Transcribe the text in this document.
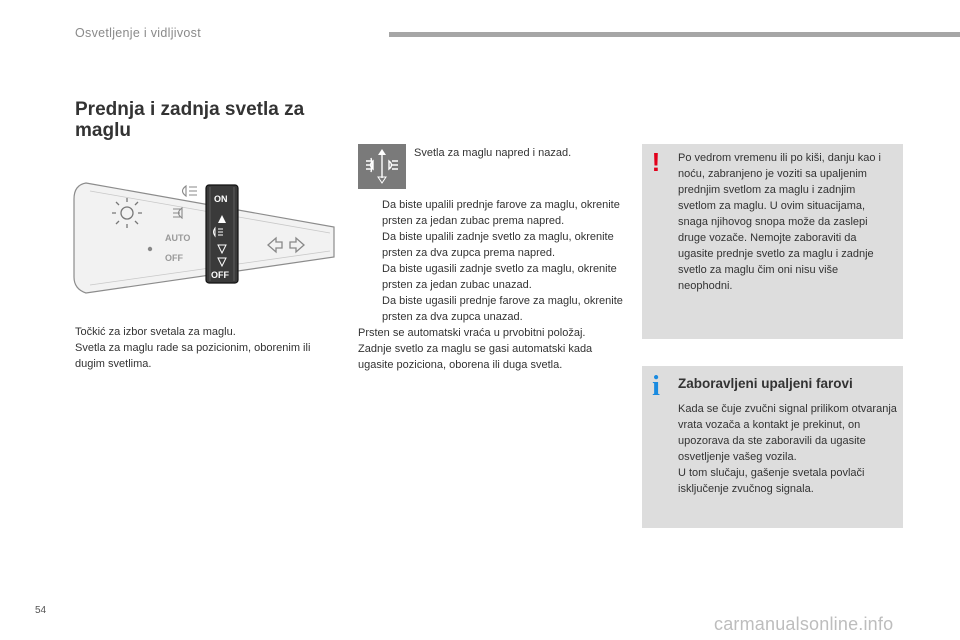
Osvetljenje i vidljivost
Prednja i zadnja svetla za
maglu
AUTO
OFF
ON
OFF
Točkić za izbor svetala za maglu.
Svetla za maglu rade sa pozicionim, oborenim ili dugim svetlima.
Svetla za maglu napred i nazad.
Da biste upalili prednje farove za maglu, okrenite prsten za jedan zubac prema napred.
Da biste upalili zadnje svetlo za maglu, okrenite prsten za dva zupca prema napred.
Da biste ugasili zadnje svetlo za maglu, okrenite prsten za jedan zubac unazad.
Da biste ugasili prednje farove za maglu, okrenite prsten za dva zupca unazad.
Prsten se automatski vraća u prvobitni položaj.
Zadnje svetlo za maglu se gasi automatski kada ugasite poziciona, oborena ili duga svetla.
! Po vedrom vremenu ili po kiši, danju kao i noću, zabranjeno je voziti sa upaljenim prednjim svetlom za maglu i zadnjim svetlom za maglu. U ovim situacijama, snaga njihovog snopa može da zaslepi druge vozače. Nemojte zaboraviti da ugasite prednje svetlo za maglu i zadnje svetlo za maglu čim oni nisu više neophodni.
i Zaboravljeni upaljeni farovi
Kada se čuje zvučni signal prilikom otvaranja vrata vozača a kontakt je prekinut, on upozorava da ste zaboravili da ugasite osvetljenje vašeg vozila.
U tom slučaju, gašenje svetala povlači isključenje zvučnog signala.
54
carmanualsonline.info
